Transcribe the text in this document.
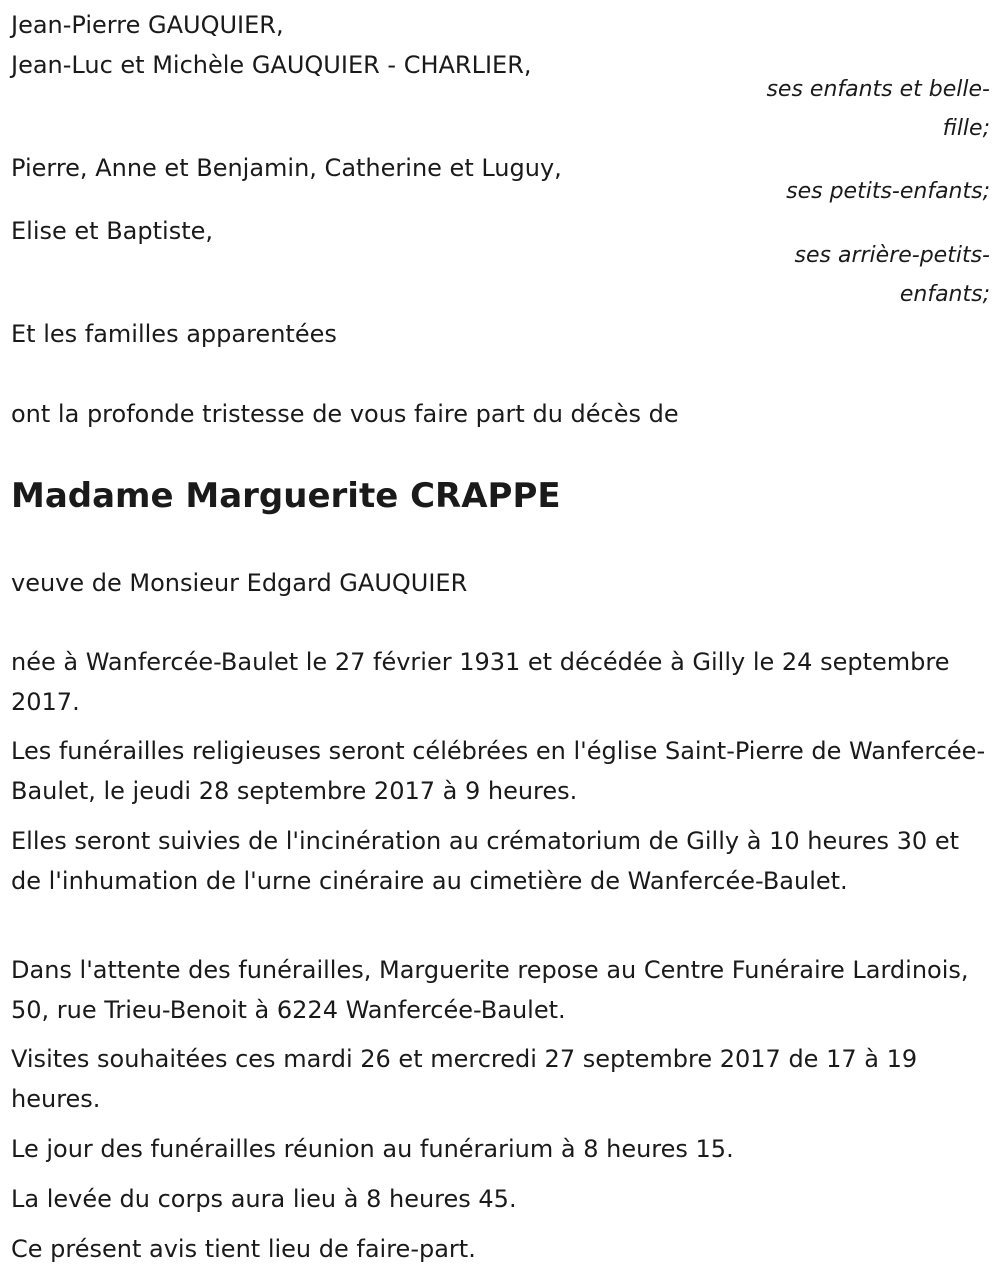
Jean-Pierre GAUQUIER,
Jean-Luc et Michèle GAUQUIER - CHARLIER,
ses enfants et belle-fille;
Pierre, Anne et Benjamin, Catherine et Luguy,
ses petits-enfants;
Elise et Baptiste,
ses arrière-petits-enfants;
Et les familles apparentées
ont la profonde tristesse de vous faire part du décès de
Madame Marguerite CRAPPE
veuve de Monsieur Edgard GAUQUIER
née à Wanfercée-Baulet le 27 février 1931 et décédée à Gilly le 24 septembre 2017.
Les funérailles religieuses seront célébrées en l'église Saint-Pierre de Wanfercée-Baulet, le jeudi 28 septembre 2017 à 9 heures.
Elles seront suivies de l'incinération au crématorium de Gilly à 10 heures 30 et de l'inhumation de l'urne cinéraire au cimetière de Wanfercée-Baulet.
Dans l'attente des funérailles, Marguerite repose au Centre Funéraire Lardinois, 50, rue Trieu-Benoit à 6224 Wanfercée-Baulet.
Visites souhaitées ces mardi 26 et mercredi 27 septembre 2017 de 17 à 19 heures.
Le jour des funérailles réunion au funérarium à 8 heures 15.
La levée du corps aura lieu à 8 heures 45.
Ce présent avis tient lieu de faire-part.
